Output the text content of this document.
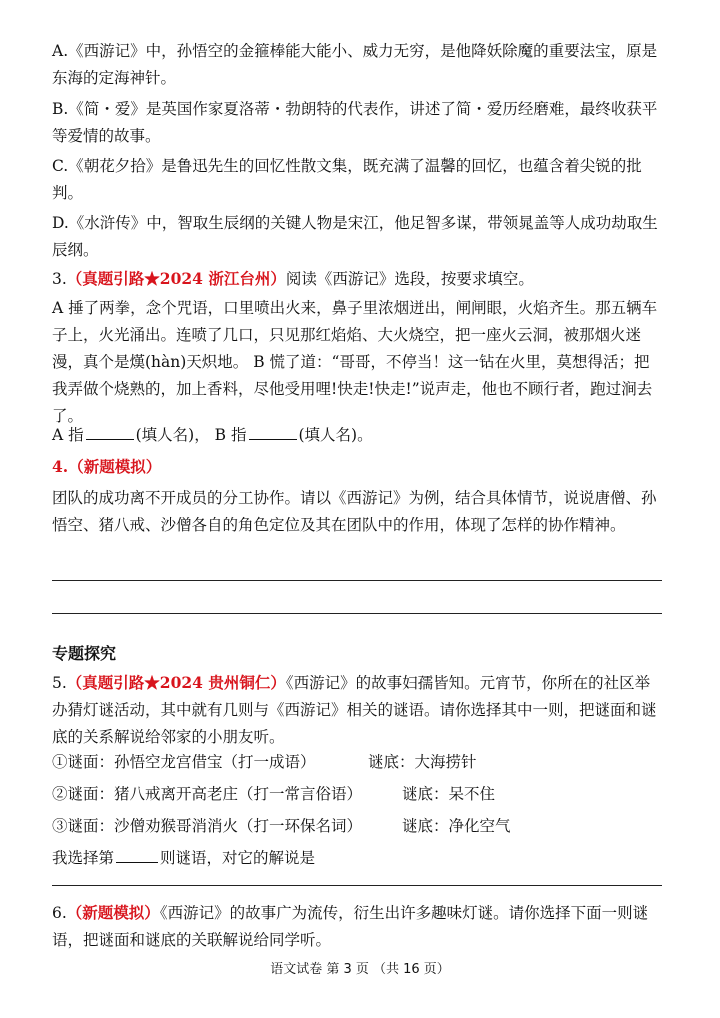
A.《西游记》中，孙悟空的金箍棒能大能小、威力无穷，是他降妖除魔的重要法宝，原是东海的定海神针。

B.《简・爱》是英国作家夏洛蒂・勃朗特的代表作，讲述了简・爱历经磨难，最终收获平等爱情的故事。

C.《朝花夕拾》是鲁迅先生的回忆性散文集，既充满了温馨的回忆，也蕴含着尖锐的批判。

D.《水浒传》中，智取生辰纲的关键人物是宋江，他足智多谋，带领晁盖等人成功劫取生辰纲。

3.（真题引路★2024 浙江台州）阅读《西游记》选段，按要求填空。

A 捶了两拳，念个咒语，口里喷出火来，鼻子里浓烟迸出，闸闸眼，火焰齐生。那五辆车子上，火光涌出。连喷了几口，只见那红焰焰、大火烧空，把一座火云洞，被那烟火迷漫，真个是熯(hàn)天炽地。 B 慌了道：“哥哥，不停当！这一钻在火里，莫想得活；把我弄做个烧熟的，加上香料，尽他受用哩!快走!快走!”说声走，他也不顾行者，跑过涧去了。

A 指	(填人名)， B 指	(填人名)。

4.（新题模拟）

团队的成功离不开成员的分工协作。请以《西游记》为例，结合具体情节，说说唐僧、孙悟空、猪八戒、沙僧各自的角色定位及其在团队中的作用，体现了怎样的协作精神。

专题探究

5.（真题引路★2024 贵州铜仁）《西游记》的故事妇孺皆知。元宵节，你所在的社区举办猜灯谜活动，其中就有几则与《西游记》相关的谜语。请你选择其中一则，把谜面和谜底的关系解说给邻家的小朋友听。

①谜面：孙悟空龙宫借宝（打一成语）	谜底：大海捞针
②谜面：猪八戒离开高老庄（打一常言俗语）	谜底：呆不住
③谜面：沙僧劝猴哥消消火（打一环保名词）	谜底：净化空气

我选择第	则谜语，对它的解说是

6.（新题模拟）《西游记》的故事广为流传，衍生出许多趣味灯谜。请你选择下面一则谜语，把谜面和谜底的关联解说给同学听。

语文试卷 第 3 页 （共 16 页）
